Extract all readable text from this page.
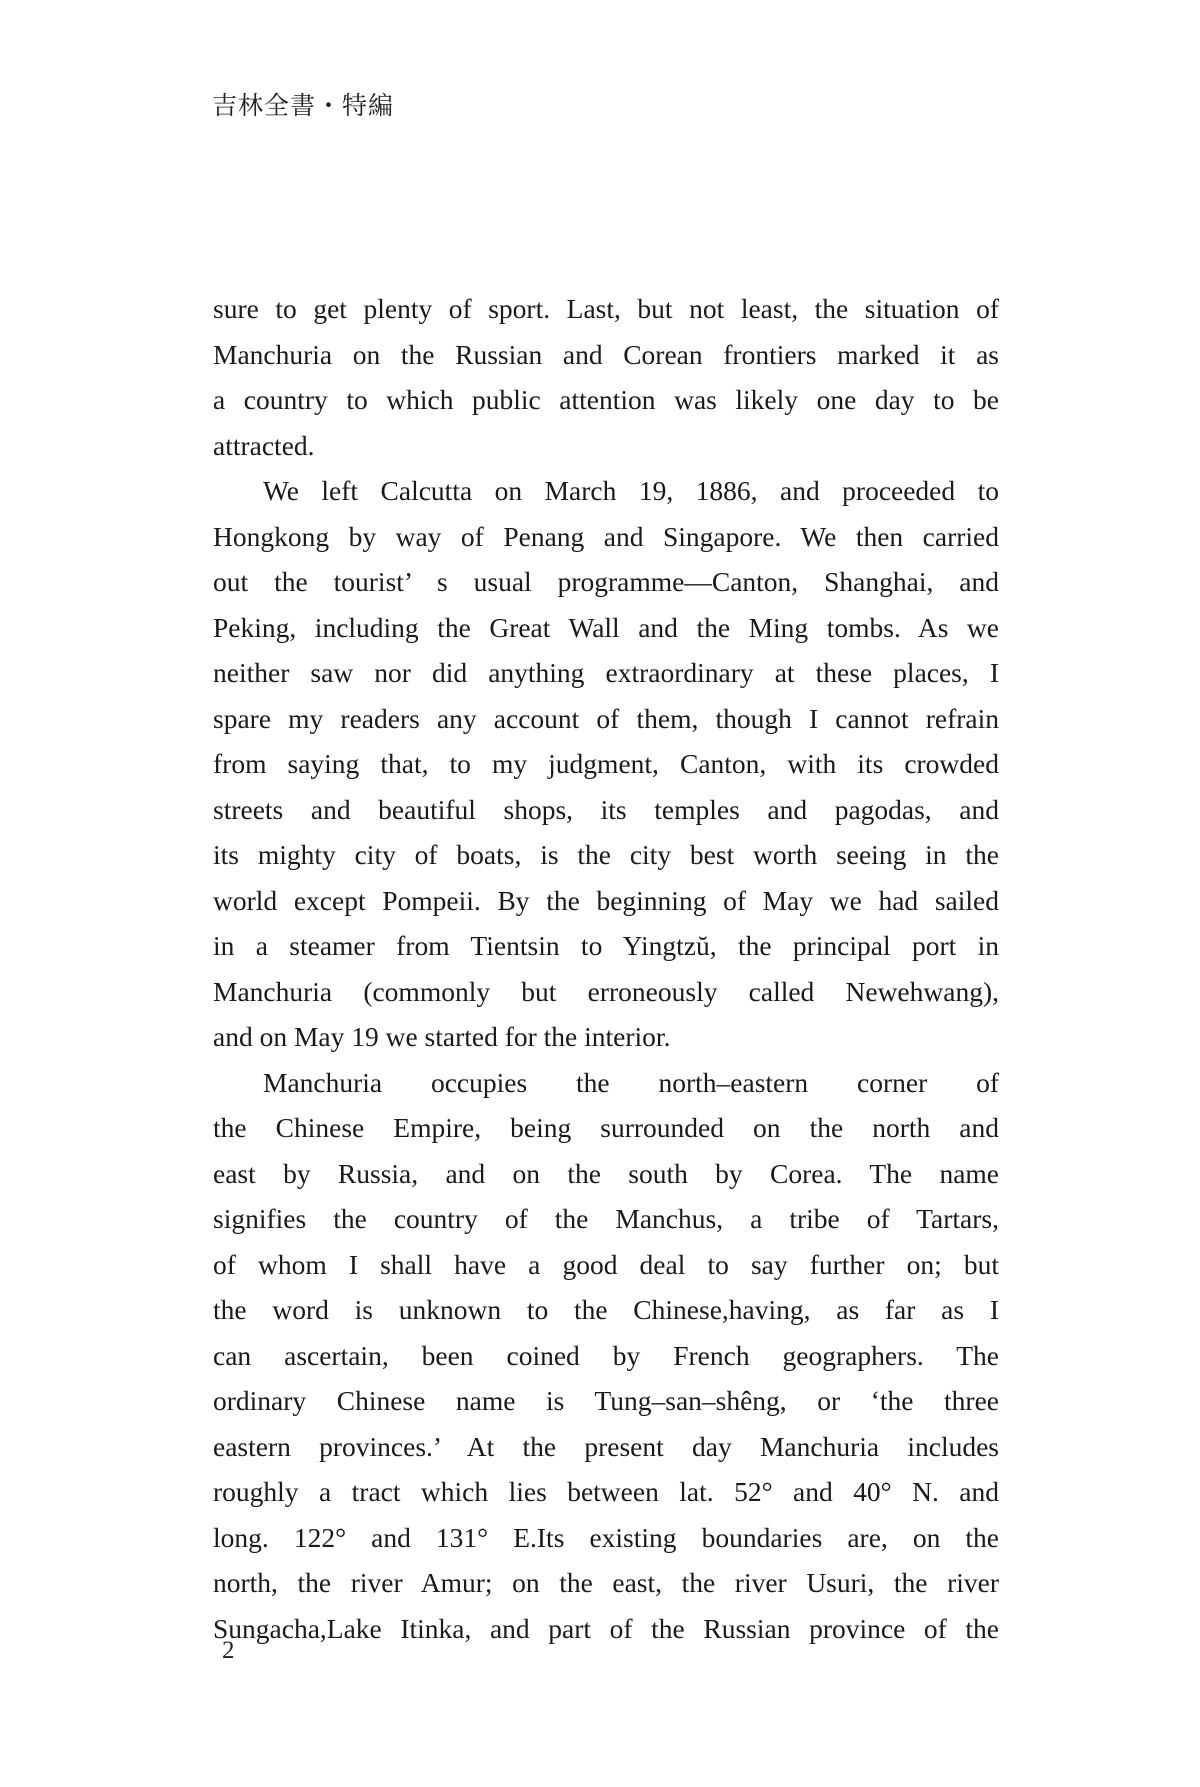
吉林全書・特編
sure to get plenty of sport. Last, but not least, the situation of
Manchuria on the Russian and Corean frontiers marked it as
a country to which public attention was likely one day to be
attracted.
We left Calcutta on March 19, 1886, and proceeded to
Hongkong by way of Penang and Singapore. We then carried
out the tourist’ s usual programme—Canton, Shanghai, and
Peking, including the Great Wall and the Ming tombs. As we
neither saw nor did anything extraordinary at these places, I
spare my readers any account of them, though I cannot refrain
from saying that, to my judgment, Canton, with its crowded
streets and beautiful shops, its temples and pagodas, and
its mighty city of boats, is the city best worth seeing in the
world except Pompeii. By the beginning of May we had sailed
in a steamer from Tientsin to Yingtzŭ, the principal port in
Manchuria (commonly but erroneously called Newehwang),
and on May 19 we started for the interior.
Manchuria occupies the north–eastern corner of
the Chinese Empire, being surrounded on the north and
east by Russia, and on the south by Corea. The name
signifies the country of the Manchus, a tribe of Tartars,
of whom I shall have a good deal to say further on; but
the word is unknown to the Chinese,having, as far as I
can ascertain, been coined by French geographers. The
ordinary Chinese name is Tung–san–shêng, or ‘the three
eastern provinces.’ At the present day Manchuria includes
roughly a tract which lies between lat. 52° and 40° N. and
long. 122° and 131° E.Its existing boundaries are, on the
north, the river Amur; on the east, the river Usuri, the river
Sungacha,Lake Itinka, and part of the Russian province of the
2
